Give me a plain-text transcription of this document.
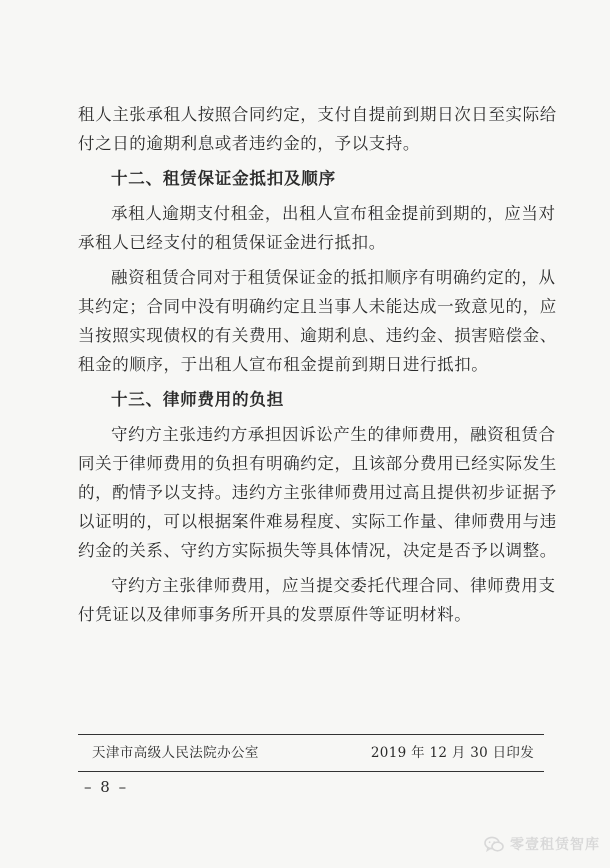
租人主张承租人按照合同约定，支付自提前到期日次日至实际给
付之日的逾期利息或者违约金的，予以支持。
十二、租赁保证金抵扣及顺序
承租人逾期支付租金，出租人宣布租金提前到期的，应当对
承租人已经支付的租赁保证金进行抵扣。
融资租赁合同对于租赁保证金的抵扣顺序有明确约定的，从
其约定；合同中没有明确约定且当事人未能达成一致意见的，应
当按照实现债权的有关费用、逾期利息、违约金、损害赔偿金、
租金的顺序，于出租人宣布租金提前到期日进行抵扣。
十三、律师费用的负担
守约方主张违约方承担因诉讼产生的律师费用，融资租赁合
同关于律师费用的负担有明确约定，且该部分费用已经实际发生
的，酌情予以支持。违约方主张律师费用过高且提供初步证据予
以证明的，可以根据案件难易程度、实际工作量、律师费用与违
约金的关系、守约方实际损失等具体情况，决定是否予以调整。
守约方主张律师费用，应当提交委托代理合同、律师费用支
付凭证以及律师事务所开具的发票原件等证明材料。
天津市高级人民法院办公室	2019 年 12 月 30 日印发
– 8 –
零壹租赁智库
